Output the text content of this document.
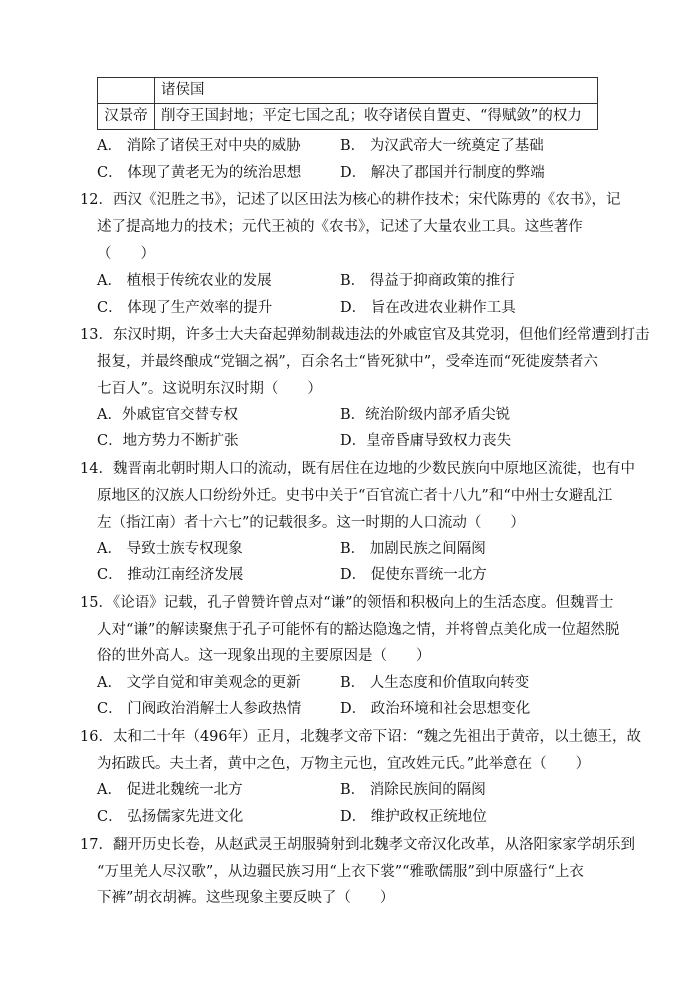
	诸侯国
汉景帝	削夺王国封地；平定七国之乱；收夺诸侯自置吏、“得赋敛”的权力
A． 消除了诸侯王对中央的威胁	B． 为汉武帝大一统奠定了基础
C． 体现了黄老无为的统治思想	D． 解决了郡国并行制度的弊端
12．西汉《氾胜之书》，记述了以区田法为核心的耕作技术；宋代陈旉的《农书》，记
述了提高地力的技术；元代王祯的《农书》，记述了大量农业工具。这些著作
（　　）
A． 植根于传统农业的发展	B． 得益于抑商政策的推行
C． 体现了生产效率的提升	D． 旨在改进农业耕作工具
13．东汉时期，许多士大夫奋起弹劾制裁违法的外戚宦官及其党羽，但他们经常遭到打击
报复，并最终酿成“党锢之祸”，百余名士“皆死狱中”，受牵连而“死徙废禁者六
七百人”。这说明东汉时期（　　）
A．外戚宦官交替专权	B．统治阶级内部矛盾尖锐
C．地方势力不断扩张	D．皇帝昏庸导致权力丧失
14．魏晋南北朝时期人口的流动，既有居住在边地的少数民族向中原地区流徙，也有中
原地区的汉族人口纷纷外迁。史书中关于“百官流亡者十八九”和“中州士女避乱江
左（指江南）者十六七”的记载很多。这一时期的人口流动（　　）
A． 导致士族专权现象	B． 加剧民族之间隔阂
C． 推动江南经济发展	D． 促使东晋统一北方
15．《论语》记载，孔子曾赞许曾点对“谦”的领悟和积极向上的生活态度。但魏晋士
人对“谦”的解读聚焦于孔子可能怀有的豁达隐逸之情，并将曾点美化成一位超然脱
俗的世外高人。这一现象出现的主要原因是（　　）
A． 文学自觉和审美观念的更新	B． 人生态度和价值取向转变
C． 门阀政治消解士人参政热情	D． 政治环境和社会思想变化
16．太和二十年（496年）正月，北魏孝文帝下诏：“魏之先祖出于黄帝，以土德王，故
为拓跋氏。夫土者，黄中之色，万物主元也，宜改姓元氏。”此举意在（　　）
A． 促进北魏统一北方	B． 消除民族间的隔阂
C． 弘扬儒家先进文化	D． 维护政权正统地位
17．翻开历史长卷，从赵武灵王胡服骑射到北魏孝文帝汉化改革，从洛阳家家学胡乐到
“万里羌人尽汉歌”，从边疆民族习用“上衣下裳”“雅歌儒服”到中原盛行“上衣
下裤”胡衣胡裤。这些现象主要反映了（　　）
